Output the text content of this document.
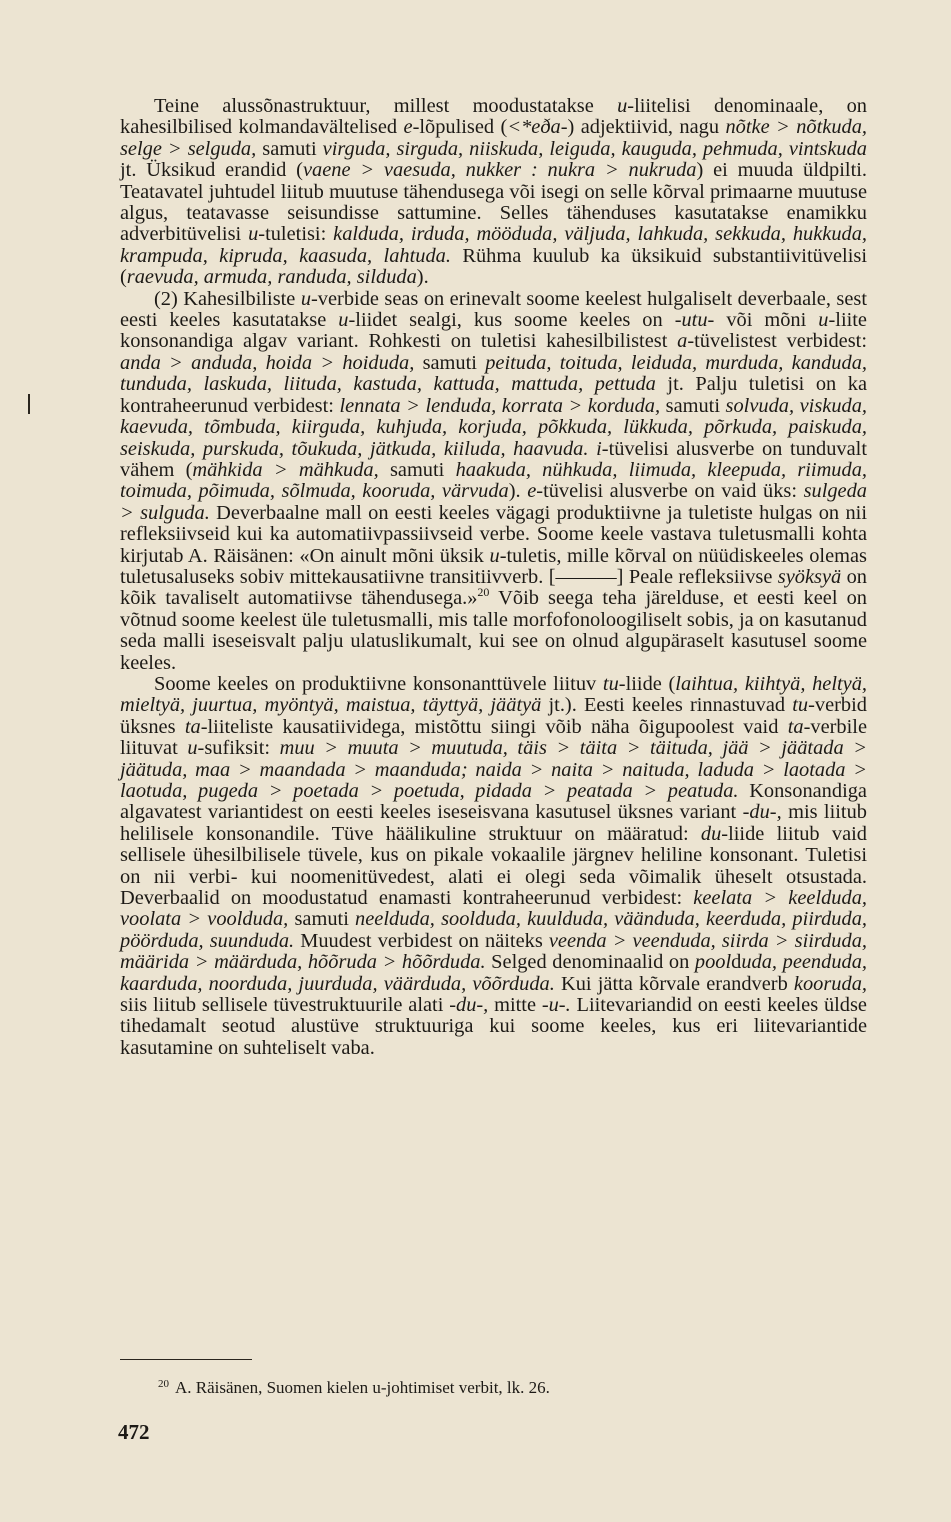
Teine alussõnastruktuur, millest moodustatakse u-liitelisi denominaale, on kahesilbilised kolmandavältelised e-lõpulised (<*eða-) adjektiivid, nagu nõtke > nõtkuda, selge > selguda, samuti virguda, sirguda, niiskuda, leiguda, kauguda, pehmuda, vintskuda jt. Üksikud erandid (vaene > vaesuda, nukker : nukra > nukruda) ei muuda üldpilti. Teatavatel juhtudel liitub muutuse tähendusega või isegi on selle kõrval primaarne muutuse algus, teatavasse seisundisse sattumine. Selles tähenduses kasutatakse enamikku adverbitüvelisi u-tuletisi: kalduda, irduda, mööduda, väljuda, lahkuda, sekkuda, hukkuda, krampuda, kipruda, kaasuda, lahtuda. Rühma kuulub ka üksikuid substantiivitüvelisi (raevuda, armuda, randuda, silduda).

(2) Kahesilbiliste u-verbide seas on erinevalt soome keelest hulgaliselt deverbaale, sest eesti keeles kasutatakse u-liidet sealgi, kus soome keeles on -utu- või mõni u-liite konsonandiga algav variant. Rohkesti on tuletisi kahesilbilistest a-tüvelistest verbidest: anda > anduda, hoida > hoiduda, samuti peituda, toituda, leiduda, murduda, kanduda, tunduda, laskuda, liituda, kastuda, kattuda, mattuda, pettuda jt. Palju tuletisi on ka kontraheerunud verbidest: lennata > lenduda, korrata > korduda, samuti solvuda, viskuda, kaevuda, tõmbuda, kiirguda, kuhjuda, korjuda, põkkuda, lükkuda, põrkuda, paiskuda, seiskuda, purskuda, tõukuda, jätkuda, kiiluda, haavuda. i-tüvelisi alusverbe on tunduvalt vähem (mähkida > mähkuda, samuti haakuda, nühkuda, liimuda, kleepuda, riimuda, toimuda, põimuda, sõlmuda, kooruda, värvuda). e-tüvelisi alusverbe on vaid üks: sulgeda > sulguda. Deverbaalne mall on eesti keeles vägagi produktiivne ja tuletiste hulgas on nii refleksiivseid kui ka automatiivpassiivseid verbe. Soome keele vastava tuletusmalli kohta kirjutab A. Räisänen: «On ainult mõni üksik u-tuletis, mille kõrval on nüüdiskeeles olemas tuletusaluseks sobiv mittekausatiivne transitiivverb. [———] Peale refleksiivse syöksyä on kõik tavaliselt automatiivse tähendusega.»$^{20}$ Võib seega teha järelduse, et eesti keel on võtnud soome keelest üle tuletusmalli, mis talle morfofonoloogiliselt sobis, ja on kasutanud seda malli iseseisvalt palju ulatuslikumalt, kui see on olnud algupäraselt kasutusel soome keeles.

Soome keeles on produktiivne konsonanttüvele liituv tu-liide (laihtua, kiihtyä, heltyä, mieltyä, juurtua, myöntyä, maistua, täyttyä, jäätyä jt.). Eesti keeles rinnastuvad tu-verbid üksnes ta-liiteliste kausatiividega, mistõttu siingi võib näha õigupoolest vaid ta-verbile liituvat u-sufiksit: muu > muuta > muutuda, täis > täita > täituda, jää > jäätada > jäätuda, maa > maandada > maanduda; naida > naita > naituda, laduda > laotada > laotuda, pugeda > poetada > poetuda, pidada > peatada > peatuda. Konsonandiga algavatest variantidest on eesti keeles iseseisvana kasutusel üksnes variant -du-, mis liitub helilisele konsonandile. Tüve häälikuline struktuur on määratud: du-liide liitub vaid sellisele ühesilbilisele tüvele, kus on pikale vokaalile järgnev heliline konsonant. Tuletisi on nii verbi- kui noomenitüvedest, alati ei olegi seda võimalik üheselt otsustada. Deverbaalid on moodustatud enamasti kontraheerunud verbidest: keelata > keelduda, voolata > voolduda, samuti neelduda, soolduda, kuulduda, väänduda, keerduda, piirduda, pöörduda, suunduda. Muudest verbidest on näiteks veenda > veenduda, siirda > siirduda, määrida > määrduda, hõõruda > hõõrduda. Selged denominaalid on poolduda, peenduda, kaarduda, noorduda, juurduda, väärduda, võõrduda. Kui jätta kõrvale erandverb kooruda, siis liitub sellisele tüvestruktuurile alati -du-, mitte -u-. Liitevariandid on eesti keeles üldse tihedamalt seotud alustüve struktuuriga kui soome keeles, kus eri liitevariantide kasutamine on suhteliselt vaba.

$^{20}$ A. Räisänen, Suomen kielen u-johtimiset verbit, lk. 26.
472
